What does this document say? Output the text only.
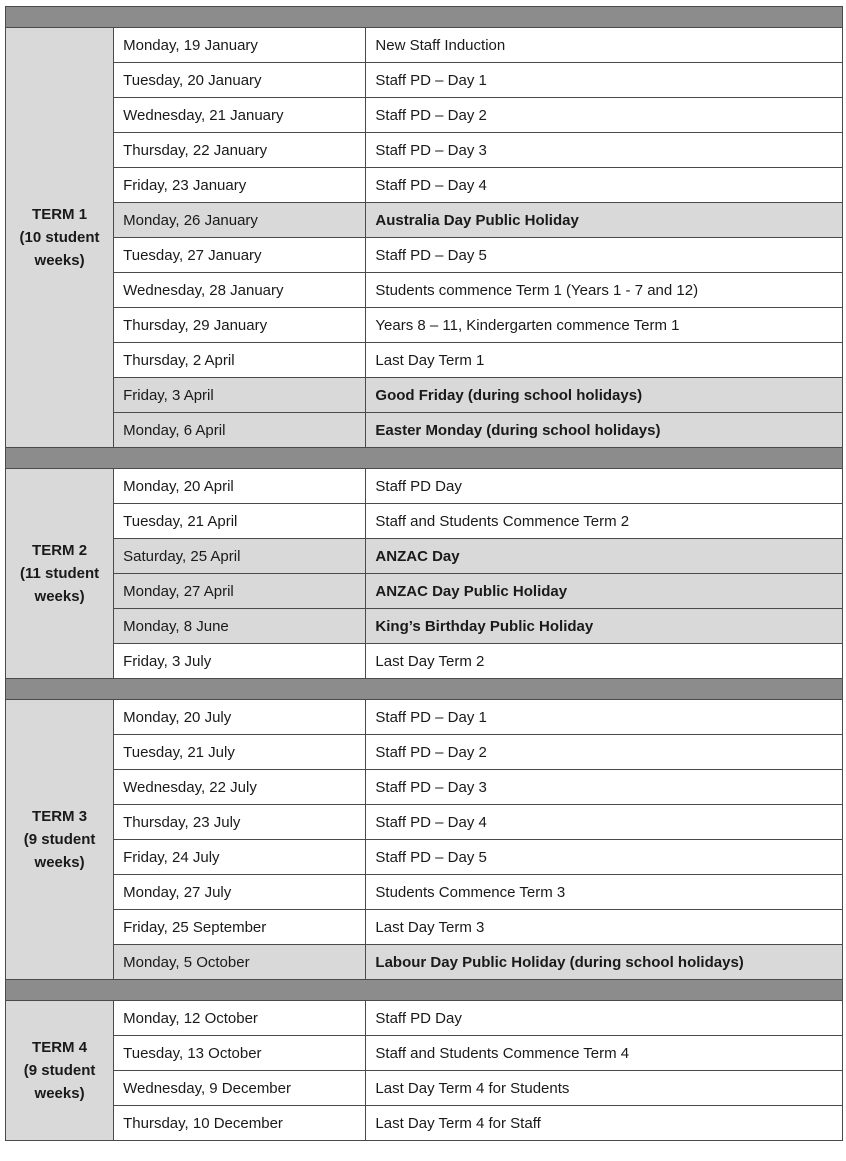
TERM 1
(10 student weeks)	Monday, 19 January	New Staff Induction
	Tuesday, 20 January	Staff PD – Day 1
	Wednesday, 21 January	Staff PD – Day 2
	Thursday, 22 January	Staff PD – Day 3
	Friday, 23 January	Staff PD – Day 4
	Monday, 26 January	Australia Day Public Holiday
	Tuesday, 27 January	Staff PD – Day 5
	Wednesday, 28 January	Students commence Term 1 (Years 1 - 7 and 12)
	Thursday, 29 January	Years 8 – 11, Kindergarten commence Term 1
	Thursday, 2 April	Last Day Term 1
	Friday, 3 April	Good Friday (during school holidays)
	Monday, 6 April	Easter Monday (during school holidays)

TERM 2
(11 student weeks)	Monday, 20 April	Staff PD Day
	Tuesday, 21 April	Staff and Students Commence Term 2
	Saturday, 25 April	ANZAC Day
	Monday, 27 April	ANZAC Day Public Holiday
	Monday, 8 June	King’s Birthday Public Holiday
	Friday, 3 July	Last Day Term 2

TERM 3
(9 student weeks)	Monday, 20 July	Staff PD – Day 1
	Tuesday, 21 July	Staff PD – Day 2
	Wednesday, 22 July	Staff PD – Day 3
	Thursday, 23 July	Staff PD – Day 4
	Friday, 24 July	Staff PD – Day 5
	Monday, 27 July	Students Commence Term 3
	Friday, 25 September	Last Day Term 3
	Monday, 5 October	Labour Day Public Holiday (during school holidays)

TERM 4
(9 student weeks)	Monday, 12 October	Staff PD Day
	Tuesday, 13 October	Staff and Students Commence Term 4
	Wednesday, 9 December	Last Day Term 4 for Students
	Thursday, 10 December	Last Day Term 4 for Staff
